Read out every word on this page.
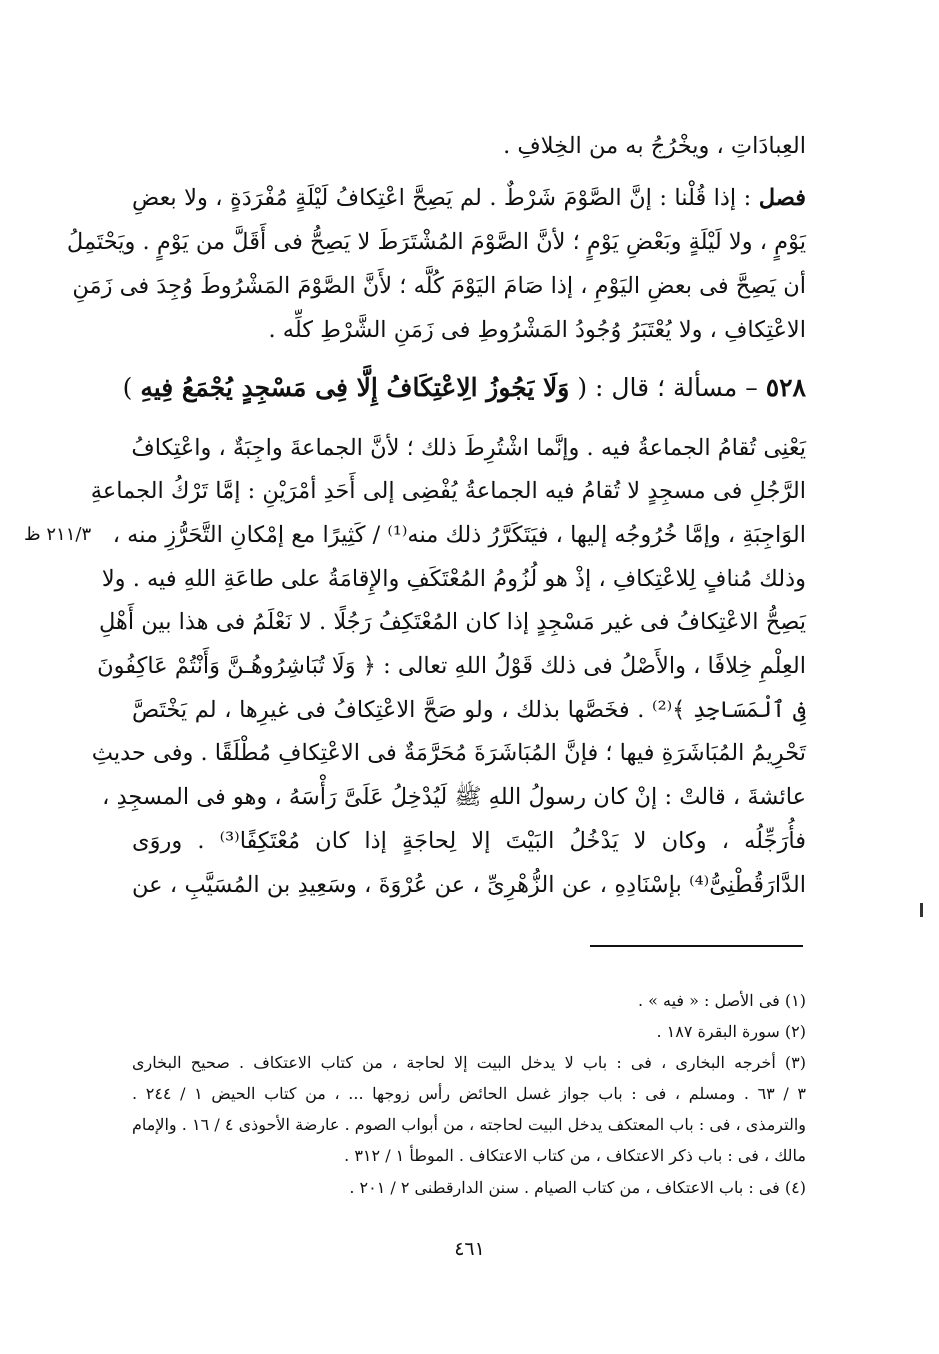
العِبادَاتِ ، ويخْرُجُ به من الخِلافِ .
فصل : إذا قُلْنا : إنَّ الصَّوْمَ شَرْطٌ . لم يَصِحَّ اعْتِكافُ لَيْلَةٍ مُفْرَدَةٍ ، ولا بعضِ
يَوْمٍ ، ولا لَيْلَةٍ وبَعْضِ يَوْمٍ ؛ لأنَّ الصَّوْمَ المُشْتَرَطَ لا يَصِحُّ فى أَقَلَّ من يَوْمٍ . ويَحْتَمِلُ
أن يَصِحَّ فى بعضِ اليَوْمِ ، إذا صَامَ اليَوْمَ كُلَّه ؛ لأَنَّ الصَّوْمَ المَشْرُوطَ وُجِدَ فى زَمَنِ
الاعْتِكافِ ، ولا يُعْتَبَرُ وُجُودُ المَشْرُوطِ فى زَمَنِ الشَّرْطِ كلِّه .
٥٢٨ – مسألة ؛ قال : ( وَلَا يَجُوزُ الِاعْتِكَافُ إِلَّا فِى مَسْجِدٍ يُجْمَعُ فِيهِ )
يَعْنِى تُقامُ الجماعةُ فيه . وإنَّما اشْتُرِطَ ذلك ؛ لأنَّ الجماعةَ واجِبَةٌ ، واعْتِكافُ
الرَّجُلِ فى مسجِدٍ لا تُقامُ فيه الجماعةُ يُفْضِى إلى أَحَدِ أمْرَيْنِ : إمَّا تَرْكُ الجماعةِ
الوَاجِبَةِ ، وإمَّا خُرُوجُه إليها ، فيَتَكَرَّرُ ذلك منه⁽¹⁾ / كَثِيرًا مع إمْكانِ التَّحَرُّزِ منه ،
وذلك مُنافٍ لِلاعْتِكافِ ، إذْ هو لُزُومُ المُعْتَكَفِ والإِقامَةُ على طاعَةِ اللهِ فيه . ولا
يَصِحُّ الاعْتِكافُ فى غير مَسْجِدٍ إذا كان المُعْتَكِفُ رَجُلًا . لا نَعْلَمُ فى هذا بين أَهْلِ
العِلْمِ خِلافًا ، والأَصْلُ فى ذلك قَوْلُ اللهِ تعالى : ﴿ وَلَا تُبَاشِرُوهُـنَّ وَأَنْتُمْ عَاكِفُونَ
فِى ٱلْمَسَاجِدِ ﴾⁽²⁾ . فخَصَّها بذلك ، ولو صَحَّ الاعْتِكافُ فى غيرِها ، لم يَخْتَصَّ
تَحْرِيمُ المُبَاشَرَةِ فيها ؛ فإنَّ المُبَاشَرَةَ مُحَرَّمَةٌ فى الاعْتِكافِ مُطْلَقًا . وفى حديثِ
عائشةَ ، قالتْ : إنْ كان رسولُ اللهِ ﷺ لَيُدْخِلُ عَلَىَّ رَأْسَهُ ، وهو فى المسجِدِ ،
فأُرَجِّلُه ، وكان لا يَدْخُلُ البَيْتَ إلا لِحاجَةٍ إذا كان مُعْتَكِفًا⁽³⁾ . وروَى
الدَّارَقُطْنِىُّ⁽⁴⁾ بإسْنَادِهِ ، عن الزُّهْرِىِّ ، عن عُرْوَةَ ، وسَعِيدِ بن المُسَيَّبِ ، عن
٢١١/٣ ظ
(١) فى الأصل : « فيه » .
(٢) سورة البقرة ١٨٧ .
(٣) أخرجه البخارى ، فى : باب لا يدخل البيت إلا لحاجة ، من كتاب الاعتكاف . صحيح البخارى
٣ / ٦٣ . ومسلم ، فى : باب جواز غسل الحائض رأس زوجها ... ، من كتاب الحيض ١ / ٢٤٤ .
والترمذى ، فى : باب المعتكف يدخل البيت لحاجته ، من أبواب الصوم . عارضة الأحوذى ٤ / ١٦ . والإمام
مالك ، فى : باب ذكر الاعتكاف ، من كتاب الاعتكاف . الموطأ ١ / ٣١٢ .
(٤) فى : باب الاعتكاف ، من كتاب الصيام . سنن الدارقطنى ٢ / ٢٠١ .
٤٦١
